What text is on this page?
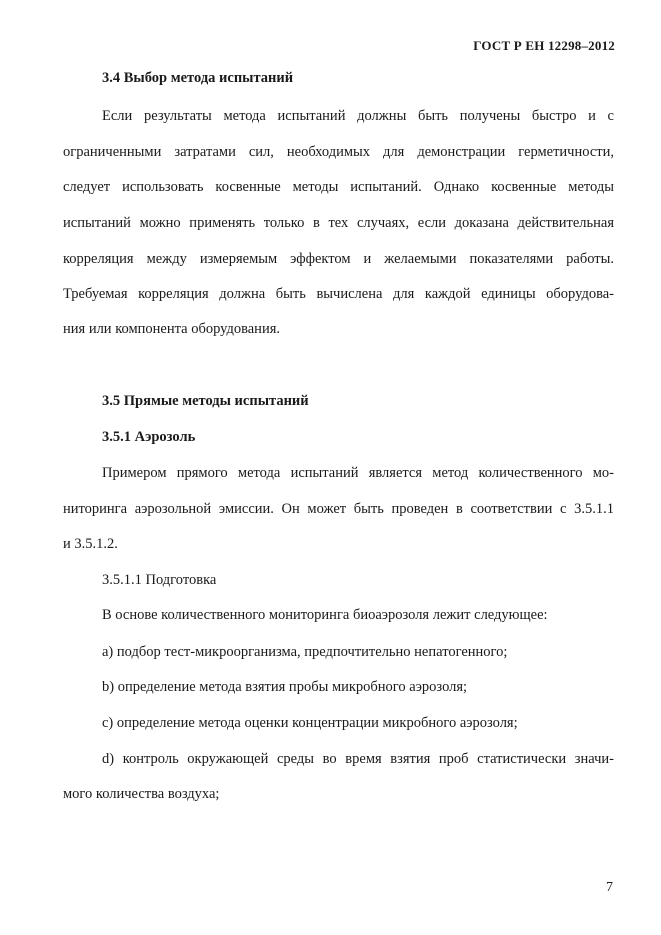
ГОСТ Р ЕН 12298–2012
3.4 Выбор метода испытаний
Если результаты метода испытаний должны быть получены быстро и с
ограниченными затратами сил, необходимых для демонстрации герметичности,
следует использовать косвенные методы испытаний. Однако косвенные методы
испытаний можно применять только в тех случаях, если доказана действительная
корреляция между измеряемым эффектом и желаемыми показателями работы.
Требуемая корреляция должна быть вычислена для каждой единицы оборудова-
ния или компонента оборудования.
3.5 Прямые методы испытаний
3.5.1 Аэрозоль
Примером прямого метода испытаний является метод количественного мо-
ниторинга аэрозольной эмиссии. Он может быть проведен в соответствии с 3.5.1.1
и 3.5.1.2.
3.5.1.1 Подготовка
В основе количественного мониторинга биоаэрозоля лежит следующее:
a) подбор тест-микроорганизма, предпочтительно непатогенного;
b) определение метода взятия пробы микробного аэрозоля;
c) определение метода оценки концентрации микробного аэрозоля;
d) контроль окружающей среды во время взятия проб статистически значи-
мого количества воздуха;
7
